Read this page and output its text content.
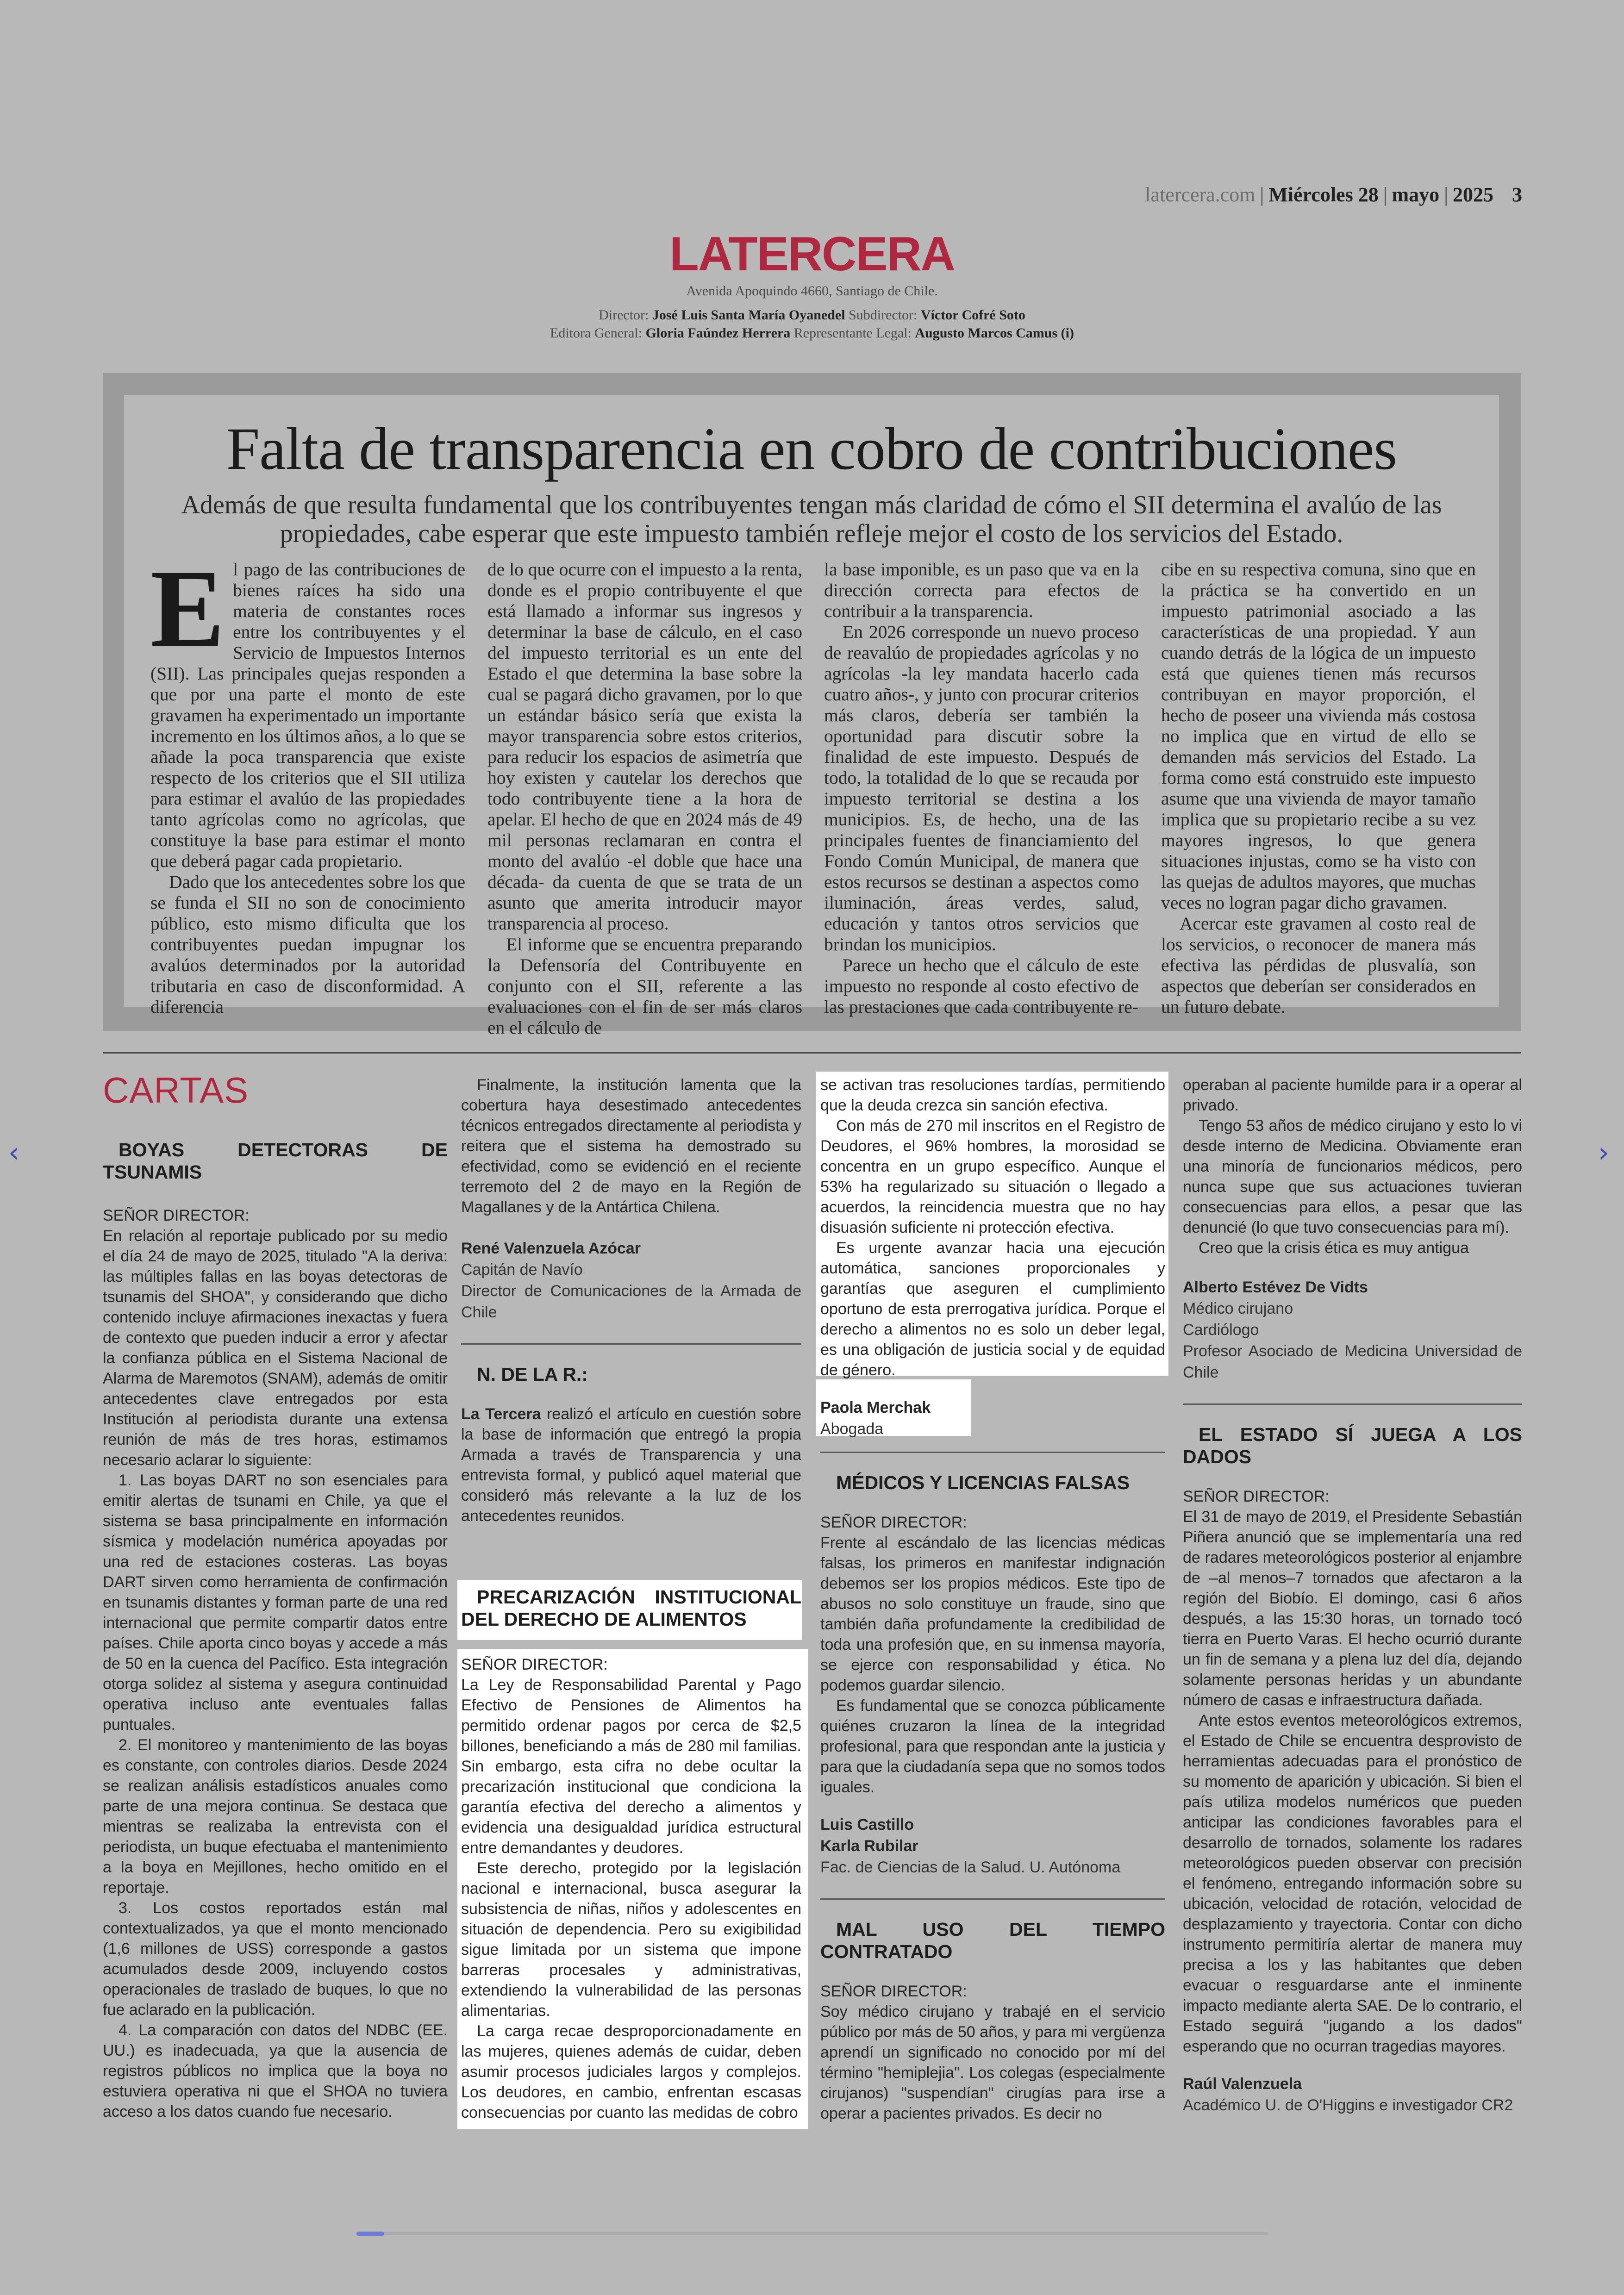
latercera.com | Miércoles 28 | mayo | 2025 3
LATERCERA
Avenida Apoquindo 4660, Santiago de Chile.
Director: José Luis Santa María Oyanedel Subdirector: Víctor Cofré Soto
Editora General: Gloria Faúndez Herrera Representante Legal: Augusto Marcos Camus (i)
Falta de transparencia en cobro de contribuciones
Además de que resulta fundamental que los contribuyentes tengan más claridad de cómo el SII determina el avalúo de las propiedades, cabe esperar que este impuesto también refleje mejor el costo de los servicios del Estado.
E l pago de las contribuciones de bienes raíces ha sido una materia de constantes roces entre los contribuyentes y el Servicio de Impuestos Internos (SII). Las principales quejas responden a que por una parte el monto de este gravamen ha experimentado un importante incremento en los últimos años, a lo que se añade la poca transparencia que existe respecto de los criterios que el SII utiliza para estimar el avalúo de las propiedades tanto agrícolas como no agrícolas, que constituye la base para estimar el monto que deberá pagar cada propietario.

Dado que los antecedentes sobre los que se funda el SII no son de conocimiento público, esto mismo dificulta que los contribuyentes puedan impugnar los avalúos determinados por la autoridad tributaria en caso de disconformidad. A diferencia

de lo que ocurre con el impuesto a la renta, donde es el propio contribuyente el que está llamado a informar sus ingresos y determinar la base de cálculo, en el caso del impuesto territorial es un ente del Estado el que determina la base sobre la cual se pagará dicho gravamen, por lo que un estándar básico sería que exista la mayor transparencia sobre estos criterios, para reducir los espacios de asimetría que hoy existen y cautelar los derechos que todo contribuyente tiene a la hora de apelar. El hecho de que en 2024 más de 49 mil personas reclamaran en contra el monto del avalúo -el doble que hace una década- da cuenta de que se trata de un asunto que amerita introducir mayor transparencia al proceso.

El informe que se encuentra preparando la Defensoría del Contribuyente en conjunto con el SII, referente a las evaluaciones con el fin de ser más claros en el cálculo de

la base imponible, es un paso que va en la dirección correcta para efectos de contribuir a la transparencia.

En 2026 corresponde un nuevo proceso de reavalúo de propiedades agrícolas y no agrícolas -la ley mandata hacerlo cada cuatro años-, y junto con procurar criterios más claros, debería ser también la oportunidad para discutir sobre la finalidad de este impuesto. Después de todo, la totalidad de lo que se recauda por impuesto territorial se destina a los municipios. Es, de hecho, una de las principales fuentes de financiamiento del Fondo Común Municipal, de manera que estos recursos se destinan a aspectos como iluminación, áreas verdes, salud, educación y tantos otros servicios que brindan los municipios.

Parece un hecho que el cálculo de este impuesto no responde al costo efectivo de las prestaciones que cada contribuyente re-

cibe en su respectiva comuna, sino que en la práctica se ha convertido en un impuesto patrimonial asociado a las características de una propiedad. Y aun cuando detrás de la lógica de un impuesto está que quienes tienen más recursos contribuyan en mayor proporción, el hecho de poseer una vivienda más costosa no implica que en virtud de ello se demanden más servicios del Estado. La forma como está construido este impuesto asume que una vivienda de mayor tamaño implica que su propietario recibe a su vez mayores ingresos, lo que genera situaciones injustas, como se ha visto con las quejas de adultos mayores, que muchas veces no logran pagar dicho gravamen.

Acercar este gravamen al costo real de los servicios, o reconocer de manera más efectiva las pérdidas de plusvalía, son aspectos que deberían ser considerados en un futuro debate.

CARTAS

BOYAS DETECTORAS DE TSUNAMIS

SEÑOR DIRECTOR:

En relación al reportaje publicado por su medio el día 24 de mayo de 2025, titulado "A la deriva: las múltiples fallas en las boyas detectoras de tsunamis del SHOA", y considerando que dicho contenido incluye afirmaciones inexactas y fuera de contexto que pueden inducir a error y afectar la confianza pública en el Sistema Nacional de Alarma de Maremotos (SNAM), además de omitir antecedentes clave entregados por esta Institución al periodista durante una extensa reunión de más de tres horas, estimamos necesario aclarar lo siguiente:

1. Las boyas DART no son esenciales para emitir alertas de tsunami en Chile, ya que el sistema se basa principalmente en información sísmica y modelación numérica apoyadas por una red de estaciones costeras. Las boyas DART sirven como herramienta de confirmación en tsunamis distantes y forman parte de una red internacional que permite compartir datos entre países. Chile aporta cinco boyas y accede a más de 50 en la cuenca del Pacífico. Esta integración otorga solidez al sistema y asegura continuidad operativa incluso ante eventuales fallas puntuales.

2. El monitoreo y mantenimiento de las boyas es constante, con controles diarios. Desde 2024 se realizan análisis estadísticos anuales como parte de una mejora continua. Se destaca que mientras se realizaba la entrevista con el periodista, un buque efectuaba el mantenimiento a la boya en Mejillones, hecho omitido en el reportaje.

3. Los costos reportados están mal contextualizados, ya que el monto mencionado (1,6 millones de USS) corresponde a gastos acumulados desde 2009, incluyendo costos operacionales de traslado de buques, lo que no fue aclarado en la publicación.

4. La comparación con datos del NDBC (EE. UU.) es inadecuada, ya que la ausencia de registros públicos no implica que la boya no estuviera operativa ni que el SHOA no tuviera acceso a los datos cuando fue necesario.

Finalmente, la institución lamenta que la cobertura haya desestimado antecedentes técnicos entregados directamente al periodista y reitera que el sistema ha demostrado su efectividad, como se evidenció en el reciente terremoto del 2 de mayo en la Región de Magallanes y de la Antártica Chilena.

René Valenzuela Azócar

Capitán de Navío

Director de Comunicaciones de la Armada de Chile

N. DE LA R.:

La Tercera realizó el artículo en cuestión sobre la base de información que entregó la propia Armada a través de Transparencia y una entrevista formal, y publicó aquel material que consideró más relevante a la luz de los antecedentes reunidos.

PRECARIZACIÓN INSTITUCIONAL DEL DERECHO DE ALIMENTOS

SEÑOR DIRECTOR:

La Ley de Responsabilidad Parental y Pago Efectivo de Pensiones de Alimentos ha permitido ordenar pagos por cerca de $2,5 billones, beneficiando a más de 280 mil familias. Sin embargo, esta cifra no debe ocultar la precarización institucional que condiciona la garantía efectiva del derecho a alimentos y evidencia una desigualdad jurídica estructural entre demandantes y deudores.

Este derecho, protegido por la legislación nacional e internacional, busca asegurar la subsistencia de niñas, niños y adolescentes en situación de dependencia. Pero su exigibilidad sigue limitada por un sistema que impone barreras procesales y administrativas, extendiendo la vulnerabilidad de las personas alimentarias.

La carga recae desproporcionadamente en las mujeres, quienes además de cuidar, deben asumir procesos judiciales largos y complejos. Los deudores, en cambio, enfrentan escasas consecuencias por cuanto las medidas de cobro

se activan tras resoluciones tardías, permitiendo que la deuda crezca sin sanción efectiva.

Con más de 270 mil inscritos en el Registro de Deudores, el 96% hombres, la morosidad se concentra en un grupo específico. Aunque el 53% ha regularizado su situación o llegado a acuerdos, la reincidencia muestra que no hay disuasión suficiente ni protección efectiva.

Es urgente avanzar hacia una ejecución automática, sanciones proporcionales y garantías que aseguren el cumplimiento oportuno de esta prerrogativa jurídica. Porque el derecho a alimentos no es solo un deber legal, es una obligación de justicia social y de equidad de género.

Paola Merchak

Abogada

MÉDICOS Y LICENCIAS FALSAS

SEÑOR DIRECTOR:

Frente al escándalo de las licencias médicas falsas, los primeros en manifestar indignación debemos ser los propios médicos. Este tipo de abusos no solo constituye un fraude, sino que también daña profundamente la credibilidad de toda una profesión que, en su inmensa mayoría, se ejerce con responsabilidad y ética. No podemos guardar silencio.

Es fundamental que se conozca públicamente quiénes cruzaron la línea de la integridad profesional, para que respondan ante la justicia y para que la ciudadanía sepa que no somos todos iguales.

Luis Castillo

Karla Rubilar

Fac. de Ciencias de la Salud. U. Autónoma

MAL USO DEL TIEMPO CONTRATADO

SEÑOR DIRECTOR:

Soy médico cirujano y trabajé en el servicio público por más de 50 años, y para mi vergüenza aprendí un significado no conocido por mí del término "hemiplejia". Los colegas (especialmente cirujanos) "suspendían" cirugías para irse a operar a pacientes privados. Es decir no

operaban al paciente humilde para ir a operar al privado.

Tengo 53 años de médico cirujano y esto lo vi desde interno de Medicina. Obviamente eran una minoría de funcionarios médicos, pero nunca supe que sus actuaciones tuvieran consecuencias para ellos, a pesar que las denuncié (lo que tuvo consecuencias para mí).

Creo que la crisis ética es muy antigua

Alberto Estévez De Vidts

Médico cirujano

Cardiólogo

Profesor Asociado de Medicina Universidad de Chile

EL ESTADO SÍ JUEGA A LOS DADOS

SEÑOR DIRECTOR:

El 31 de mayo de 2019, el Presidente Sebastián Piñera anunció que se implementaría una red de radares meteorológicos posterior al enjambre de –al menos–7 tornados que afectaron a la región del Biobío. El domingo, casi 6 años después, a las 15:30 horas, un tornado tocó tierra en Puerto Varas. El hecho ocurrió durante un fin de semana y a plena luz del día, dejando solamente personas heridas y un abundante número de casas e infraestructura dañada.

Ante estos eventos meteorológicos extremos, el Estado de Chile se encuentra desprovisto de herramientas adecuadas para el pronóstico de su momento de aparición y ubicación. Si bien el país utiliza modelos numéricos que pueden anticipar las condiciones favorables para el desarrollo de tornados, solamente los radares meteorológicos pueden observar con precisión el fenómeno, entregando información sobre su ubicación, velocidad de rotación, velocidad de desplazamiento y trayectoria. Contar con dicho instrumento permitiría alertar de manera muy precisa a los y las habitantes que deben evacuar o resguardarse ante el inminente impacto mediante alerta SAE. De lo contrario, el Estado seguirá "jugando a los dados" esperando que no ocurran tragedias mayores.

Raúl Valenzuela

Académico U. de O'Higgins e investigador CR2

‹	›
